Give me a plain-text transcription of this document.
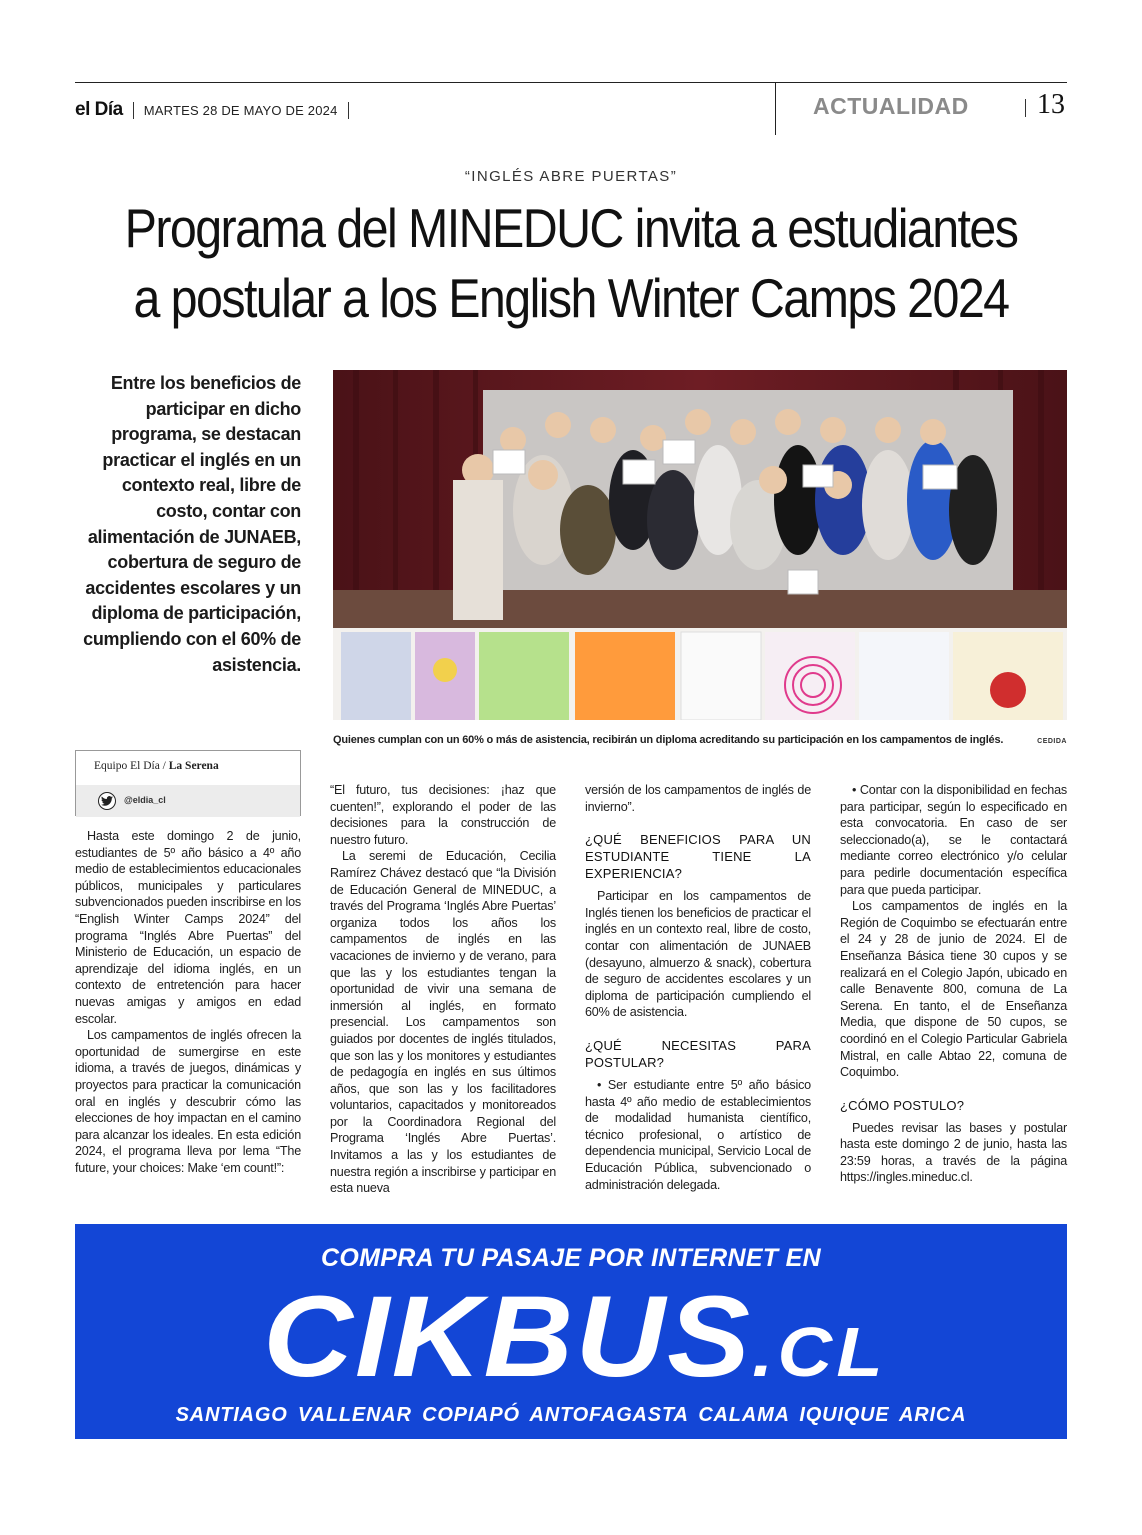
el Día MARTES 28 DE MAYO DE 2024	ACTUALIDAD 13
“INGLÉS ABRE PUERTAS”
Programa del MINEDUC invita a estudiantes a postular a los English Winter Camps 2024
Entre los beneficios de participar en dicho programa, se destacan practicar el inglés en un contexto real, libre de costo, contar con alimentación de JUNAEB, cobertura de seguro de accidentes escolares y un diploma de participación, cumpliendo con el 60% de asistencia.
Quienes cumplan con un 60% o más de asistencia, recibirán un diploma acreditando su participación en los campamentos de inglés.	CEDIDA
Equipo El Día / La Serena
@eldia_cl

Hasta este domingo 2 de junio, estudiantes de 5º año básico a 4º año medio de establecimientos educacionales públicos, municipales y particulares subvencionados pueden inscribirse en los “English Winter Camps 2024” del programa “Inglés Abre Puertas” del Ministerio de Educación, un espacio de aprendizaje del idioma inglés, en un contexto de entretención para hacer nuevas amigas y amigos en edad escolar.

Los campamentos de inglés ofrecen la oportunidad de sumergirse en este idioma, a través de juegos, dinámicas y proyectos para practicar la comunicación oral en inglés y descubrir cómo las elecciones de hoy impactan en el camino para alcanzar los ideales. En esta edición 2024, el programa lleva por lema “The future, your choices: Make ‘em count!”:

“El futuro, tus decisiones: ¡haz que cuenten!”, explorando el poder de las decisiones para la construcción de nuestro futuro.

La seremi de Educación, Cecilia Ramírez Chávez destacó que “la División de Educación General de MINEDUC, a través del Programa ‘Inglés Abre Puertas’ organiza todos los años los campamentos de inglés en las vacaciones de invierno y de verano, para que las y los estudiantes tengan la oportunidad de vivir una semana de inmersión al inglés, en formato presencial. Los campamentos son guiados por docentes de inglés titulados, que son las y los monitores y estudiantes de pedagogía en inglés en sus últimos años, que son las y los facilitadores voluntarios, capacitados y monitoreados por la Coordinadora Regional del Programa ‘Inglés Abre Puertas’. Invitamos a las y los estudiantes de nuestra región a inscribirse y participar en esta nueva

versión de los campamentos de inglés de invierno”.

¿QUÉ BENEFICIOS PARA UN ESTUDIANTE TIENE LA EXPERIENCIA?

Participar en los campamentos de Inglés tienen los beneficios de practicar el inglés en un contexto real, libre de costo, contar con alimentación de JUNAEB (desayuno, almuerzo & snack), cobertura de seguro de accidentes escolares y un diploma de participación cumpliendo el 60% de asistencia.

¿QUÉ NECESITAS PARA POSTULAR?

• Ser estudiante entre 5º año básico hasta 4º año medio de establecimientos de modalidad humanista científico, técnico profesional, o artístico de dependencia municipal, Servicio Local de Educación Pública, subvencionado o administración delegada.

• Contar con la disponibilidad en fechas para participar, según lo especificado en esta convocatoria. En caso de ser seleccionado(a), se le contactará mediante correo electrónico y/o celular para pedirle documentación específica para que pueda participar.

Los campamentos de inglés en la Región de Coquimbo se efectuarán entre el 24 y 28 de junio de 2024. El de Enseñanza Básica tiene 30 cupos y se realizará en el Colegio Japón, ubicado en calle Benavente 800, comuna de La Serena. En tanto, el de Enseñanza Media, que dispone de 50 cupos, se coordinó en el Colegio Particular Gabriela Mistral, en calle Abtao 22, comuna de Coquimbo.

¿CÓMO POSTULO?

Puedes revisar las bases y postular hasta este domingo 2 de junio, hasta las 23:59 horas, a través de la página https://ingles.mineduc.cl.

COMPRA TU PASAJE POR INTERNET EN
CIKBUS.CL
SANTIAGO VALLENAR COPIAPÓ ANTOFAGASTA CALAMA IQUIQUE ARICA
